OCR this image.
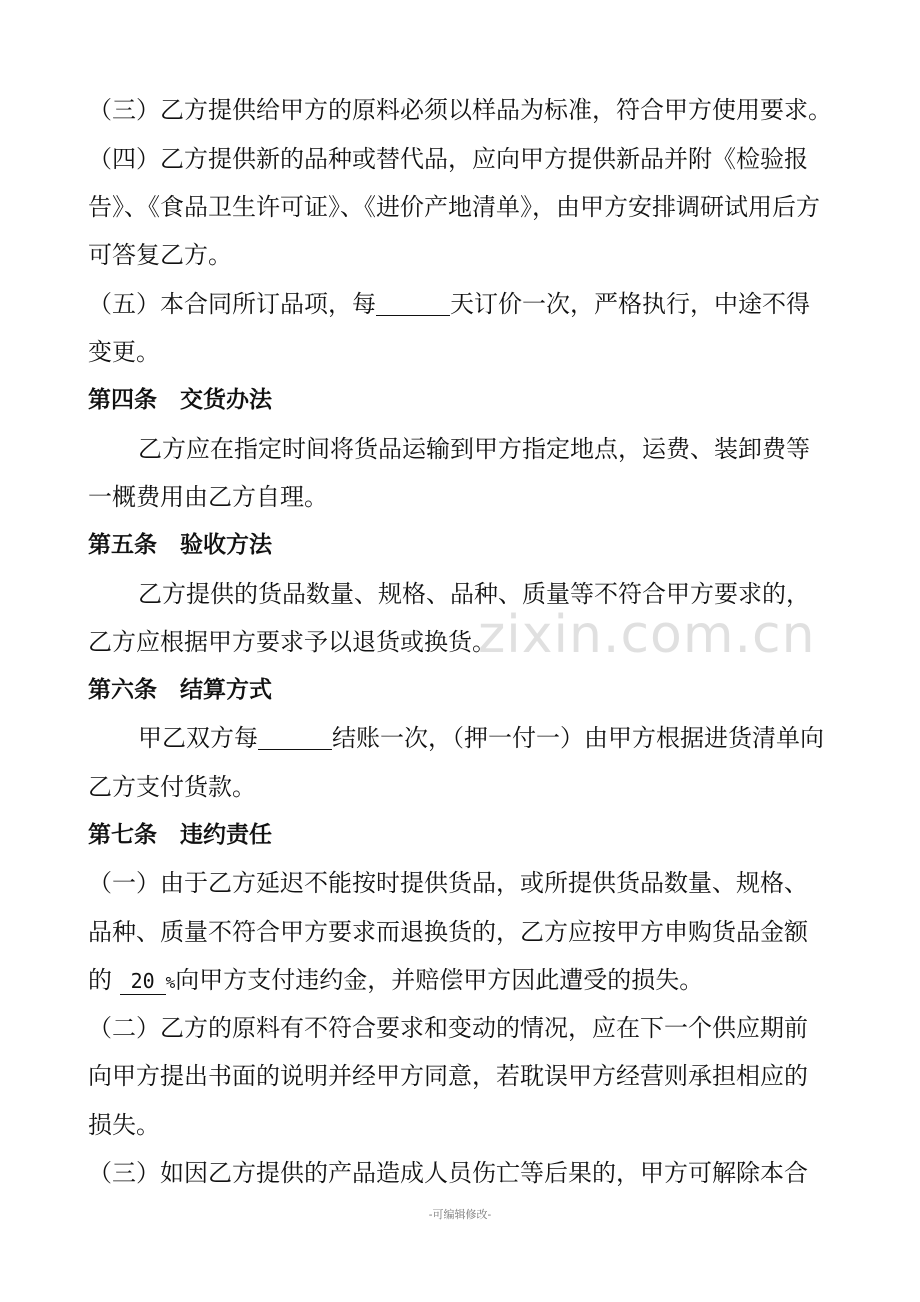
（三）乙方提供给甲方的原料必须以样品为标准，符合甲方使用要求。
（四）乙方提供新的品种或替代品，应向甲方提供新品并附《检验报
告》、《食品卫生许可证》、《进价产地清单》，由甲方安排调研试用后方
可答复乙方。
（五）本合同所订品项，每	天订价一次，严格执行，中途不得
变更。
第四条　交货办法
乙方应在指定时间将货品运输到甲方指定地点，运费、装卸费等
一概费用由乙方自理。
第五条　验收方法
乙方提供的货品数量、规格、品种、质量等不符合甲方要求的，
乙方应根据甲方要求予以退货或换货。
第六条　结算方式
甲乙双方每	结账一次，（押一付一）由甲方根据进货清单向
乙方支付货款。
第七条　违约责任
（一）由于乙方延迟不能按时提供货品，或所提供货品数量、规格、
品种、质量不符合甲方要求而退换货的，乙方应按甲方申购货品金额
的 20 %向甲方支付违约金，并赔偿甲方因此遭受的损失。
（二）乙方的原料有不符合要求和变动的情况，应在下一个供应期前
向甲方提出书面的说明并经甲方同意，若耽误甲方经营则承担相应的
损失。
（三）如因乙方提供的产品造成人员伤亡等后果的，甲方可解除本合
zixin.com.cn
-可编辑修改-
